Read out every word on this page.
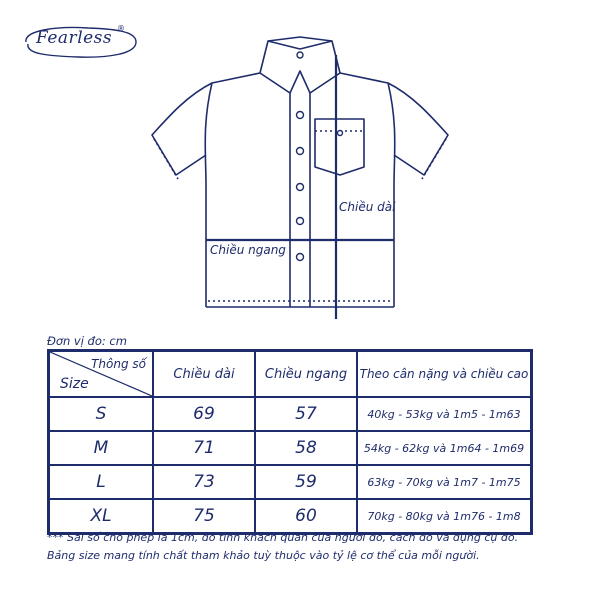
Fearless ®
Chiều dài
Chiều ngang
Đơn vị đo: cm
Thông số
Size	Chiều dài	Chiều ngang	Theo cân nặng và chiều cao
S	69	57	40kg - 53kg và 1m5 - 1m63
M	71	58	54kg - 62kg và 1m64 - 1m69
L	73	59	63kg - 70kg và 1m7 - 1m75
XL	75	60	70kg - 80kg và 1m76 - 1m8
*** Sai số cho phép là 1cm, do tính khách quan của người đo, cách đo và dụng cụ đo.
Bảng size mang tính chất tham khảo tuỳ thuộc vào tỷ lệ cơ thể của mỗi người.
